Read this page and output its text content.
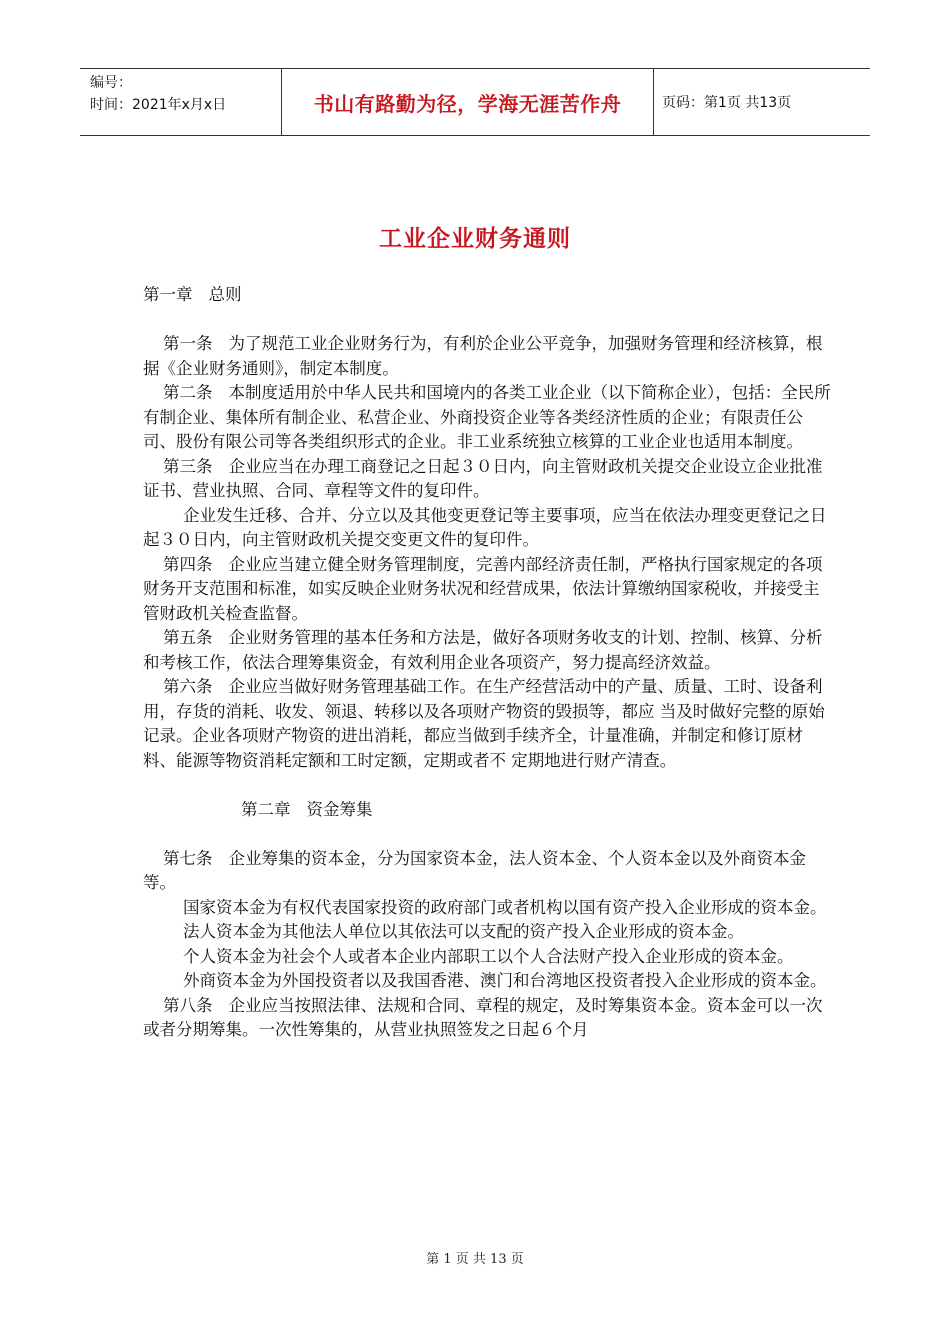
编号：
时间：2021年x月x日	书山有路勤为径，学海无涯苦作舟	页码：第1页 共13页
工业企业财务通则

第一章 总则

第一条 为了规范工业企业财务行为，有利於企业公平竞争，加强财务管理和经济核算，根据《企业财务通则》，制定本制度。

第二条 本制度适用於中华人民共和国境内的各类工业企业（以下简称企业），包括：全民所有制企业、集体所有制企业、私营企业、外商投资企业等各类经济性质的企业；有限责任公司、股份有限公司等各类组织形式的企业。非工业系统独立核算的工业企业也适用本制度。

第三条 企业应当在办理工商登记之日起３０日内，向主管财政机关提交企业设立企业批准证书、营业执照、合同、章程等文件的复印件。

企业发生迁移、合并、分立以及其他变更登记等主要事项，应当在依法办理变更登记之日起３０日内，向主管财政机关提交变更文件的复印件。

第四条 企业应当建立健全财务管理制度，完善内部经济责任制，严格执行国家规定的各项财务开支范围和标准，如实反映企业财务状况和经营成果，依法计算缴纳国家税收，并接受主管财政机关检查监督。

第五条 企业财务管理的基本任务和方法是，做好各项财务收支的计划、控制、核算、分析和考核工作，依法合理筹集资金，有效利用企业各项资产，努力提高经济效益。

第六条 企业应当做好财务管理基础工作。在生产经营活动中的产量、质量、工时、设备利用，存货的消耗、收发、领退、转移以及各项财产物资的毁损等，都应 当及时做好完整的原始记录。企业各项财产物资的进出消耗，都应当做到手续齐全，计量准确，并制定和修订原材料、能源等物资消耗定额和工时定额，定期或者不 定期地进行财产清查。

第二章 资金筹集

第七条 企业筹集的资本金，分为国家资本金，法人资本金、个人资本金以及外商资本金等。

国家资本金为有权代表国家投资的政府部门或者机构以国有资产投入企业形成的资本金。

法人资本金为其他法人单位以其依法可以支配的资产投入企业形成的资本金。

个人资本金为社会个人或者本企业内部职工以个人合法财产投入企业形成的资本金。

外商资本金为外国投资者以及我国香港、澳门和台湾地区投资者投入企业形成的资本金。

第八条 企业应当按照法律、法规和合同、章程的规定，及时筹集资本金。资本金可以一次或者分期筹集。一次性筹集的，从营业执照签发之日起６个月

第 1 页 共 13 页
